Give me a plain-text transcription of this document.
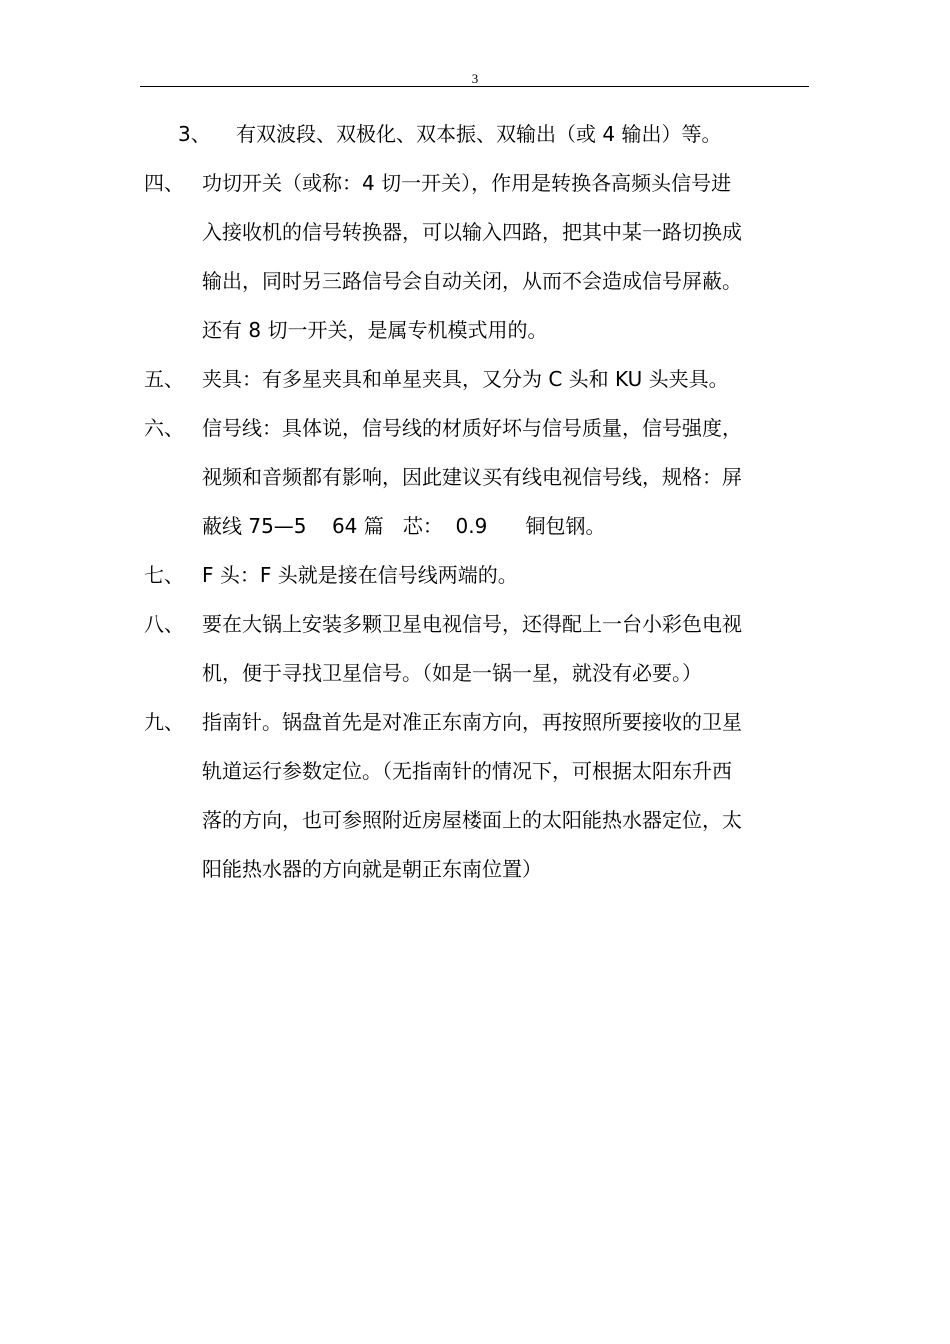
3
3、 有双波段、双极化、双本振、双输出（或 4 输出）等。
四、 功切开关（或称：4 切一开关），作用是转换各高频头信号进
入接收机的信号转换器，可以输入四路，把其中某一路切换成
输出，同时另三路信号会自动关闭，从而不会造成信号屏蔽。
还有 8 切一开关，是属专机模式用的。
五、 夹具：有多星夹具和单星夹具，又分为 C 头和 KU 头夹具。
六、 信号线：具体说，信号线的材质好坏与信号质量，信号强度，
视频和音频都有影响，因此建议买有线电视信号线，规格：屏
蔽线 75—5    64 篇   芯：  0.9      铜包钢。
七、 F 头：F 头就是接在信号线两端的。
八、 要在大锅上安装多颗卫星电视信号，还得配上一台小彩色电视
机，便于寻找卫星信号。（如是一锅一星，就没有必要。）
九、 指南针。锅盘首先是对准正东南方向，再按照所要接收的卫星
轨道运行参数定位。（无指南针的情况下，可根据太阳东升西
落的方向，也可参照附近房屋楼面上的太阳能热水器定位，太
阳能热水器的方向就是朝正东南位置）
